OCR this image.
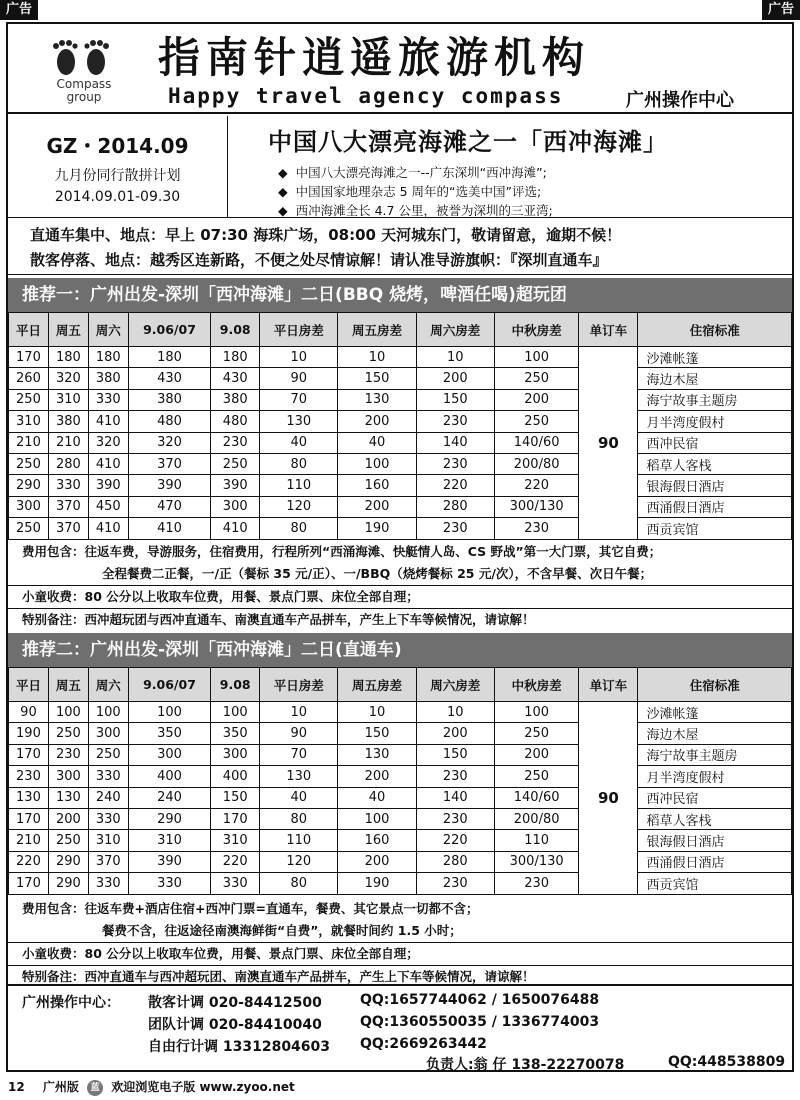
广告	广告
Compass
group
指南针逍遥旅游机构
Happy travel agency compass	广州操作中心
GZ・2014.09
九月份同行散拼计划
2014.09.01-09.30
中国八大漂亮海滩之一「西冲海滩」
◆ 中国八大漂亮海滩之一--广东深圳“西冲海滩”;
◆ 中国国家地理杂志 5 周年的“选美中国”评选;
◆ 西冲海滩全长 4.7 公里，被誉为深圳的三亚湾;
直通车集中、地点：早上 07:30 海珠广场，08:00 天河城东门，敬请留意，逾期不候！
散客停落、地点：越秀区连新路，不便之处尽情谅解！请认准导游旗帜：『深圳直通车』
推荐一：广州出发-深圳「西冲海滩」二日(BBQ 烧烤，啤酒任喝)超玩团
平日	周五	周六	9.06/07	9.08	平日房差	周五房差	周六房差	中秋房差	单订车	住宿标准
170	180	180	180	180	10	10	10	100	90	沙滩帐篷
260	320	380	430	430	90	150	200	250		海边木屋
250	310	330	380	380	70	130	150	200		海宁故事主题房
310	380	410	480	480	130	200	230	250		月半湾度假村
210	210	320	320	230	40	40	140	140/60		西冲民宿
250	280	410	370	250	80	100	230	200/80		稻草人客栈
290	330	390	390	390	110	160	220	220		银海假日酒店
300	370	450	470	300	120	200	280	300/130		西涌假日酒店
250	370	410	410	410	80	190	230	230		西贡宾馆

费用包含：往返车费，导游服务，住宿费用，行程所列“西涌海滩、快艇情人岛、CS 野战”第一大门票，其它自费；

全程餐费二正餐，一/正（餐标 35 元/正）、一/BBQ（烧烤餐标 25 元/次），不含早餐、次日午餐；

小童收费：80 公分以上收取车位费，用餐、景点门票、床位全部自理；

特别备注：西冲超玩团与西冲直通车、南澳直通车产品拼车，产生上下车等候情况，请谅解！

推荐二：广州出发-深圳「西冲海滩」二日(直通车)
平日	周五	周六	9.06/07	9.08	平日房差	周五房差	周六房差	中秋房差	单订车	住宿标准
90	100	100	100	100	10	10	10	100	90	沙滩帐篷
190	250	300	350	350	90	150	200	250		海边木屋
170	230	250	300	300	70	130	150	200		海宁故事主题房
230	300	330	400	400	130	200	230	250		月半湾度假村
130	130	240	240	150	40	40	140	140/60		西冲民宿
170	200	330	290	170	80	100	230	200/80		稻草人客栈
210	250	310	310	310	110	160	220	110		银海假日酒店
220	290	370	390	220	120	200	280	300/130		西涌假日酒店
170	290	330	330	330	80	190	230	230		西贡宾馆

费用包含：往返车费+酒店住宿+西冲门票=直通车，餐费、其它景点一切都不含；

餐费不含，往返途径南澳海鲜街“自费”，就餐时间约 1.5 小时；

小童收费：80 公分以上收取车位费，用餐、景点门票、床位全部自理；

特别备注：西冲直通车与西冲超玩团、南澳直通车产品拼车，产生上下车等候情况，请谅解！

广州操作中心： 散客计调 020-84412500	QQ:1657744062 / 1650076488
团队计调 020-84410040	QQ:1360550035 / 1336774003
自由行计调 13312804603 QQ:2669263442
负责人:翁 仔 138-22270078	QQ:448538809
12 广州版 蓝 欢迎浏览电子版 www.zyoo.net
